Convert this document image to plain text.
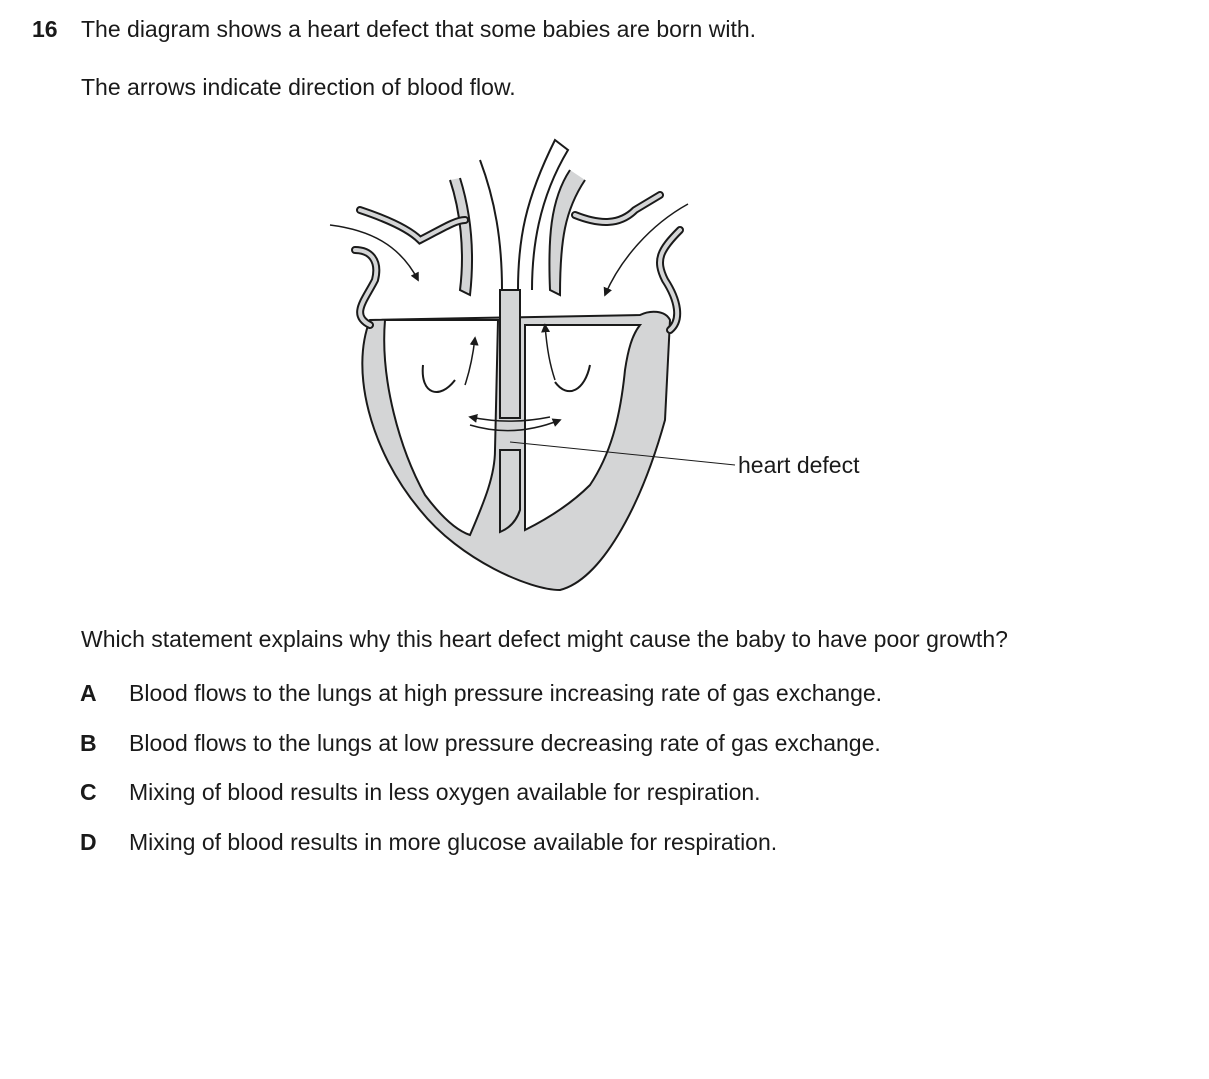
16 The diagram shows a heart defect that some babies are born with.
The arrows indicate direction of blood flow.
heart defect
Which statement explains why this heart defect might cause the baby to have poor growth?
A	Blood flows to the lungs at high pressure increasing rate of gas exchange.
B	Blood flows to the lungs at low pressure decreasing rate of gas exchange.
C	Mixing of blood results in less oxygen available for respiration.
D	Mixing of blood results in more glucose available for respiration.
